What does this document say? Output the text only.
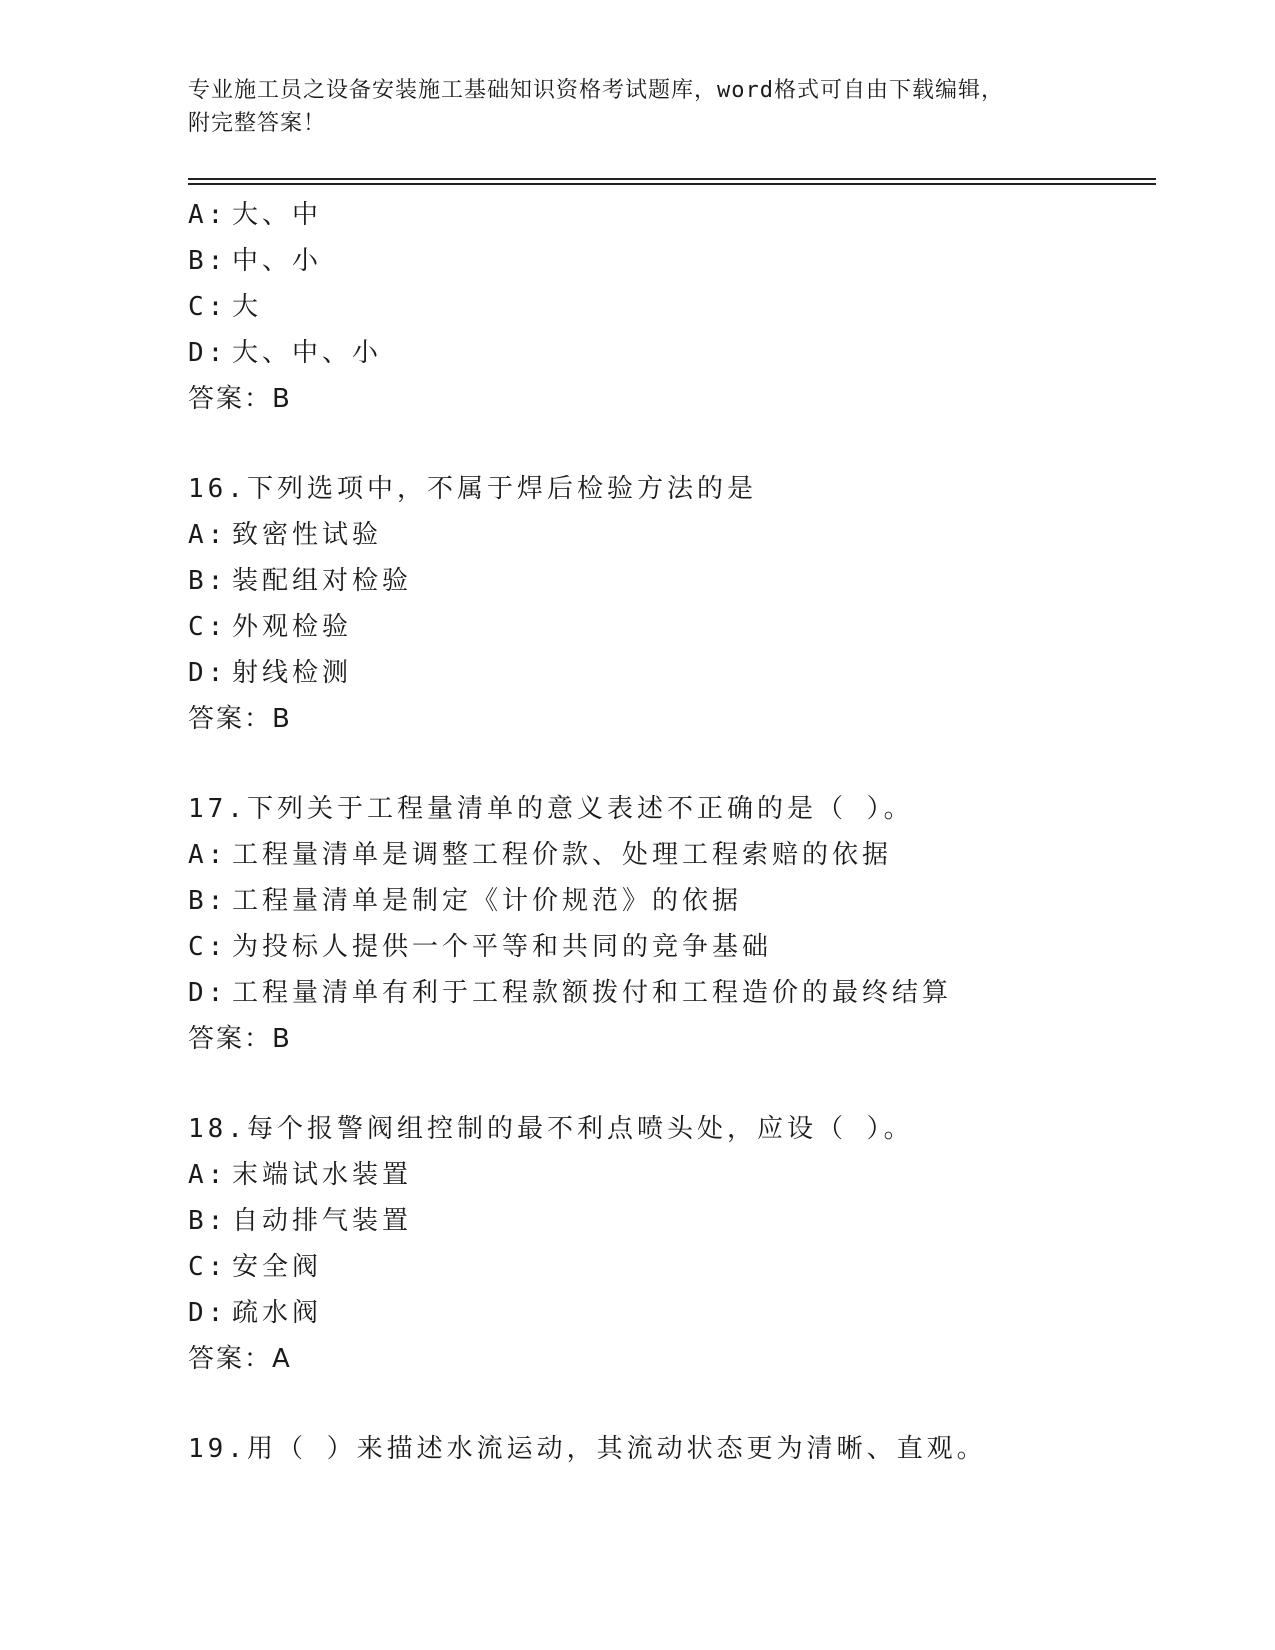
专业施工员之设备安装施工基础知识资格考试题库，word格式可自由下载编辑，
附完整答案！
A: 大、中
B: 中、小
C: 大
D: 大、中、小
答案：B
16.下列选项中，不属于焊后检验方法的是
A: 致密性试验
B: 装配组对检验
C: 外观检验
D: 射线检测
答案：B
17.下列关于工程量清单的意义表述不正确的是（ ）。
A: 工程量清单是调整工程价款、处理工程索赔的依据
B: 工程量清单是制定《计价规范》的依据
C: 为投标人提供一个平等和共同的竞争基础
D: 工程量清单有利于工程款额拨付和工程造价的最终结算
答案：B
18.每个报警阀组控制的最不利点喷头处，应设（ ）。
A: 末端试水装置
B: 自动排气装置
C: 安全阀
D: 疏水阀
答案：A
19.用（ ）来描述水流运动，其流动状态更为清晰、直观。
